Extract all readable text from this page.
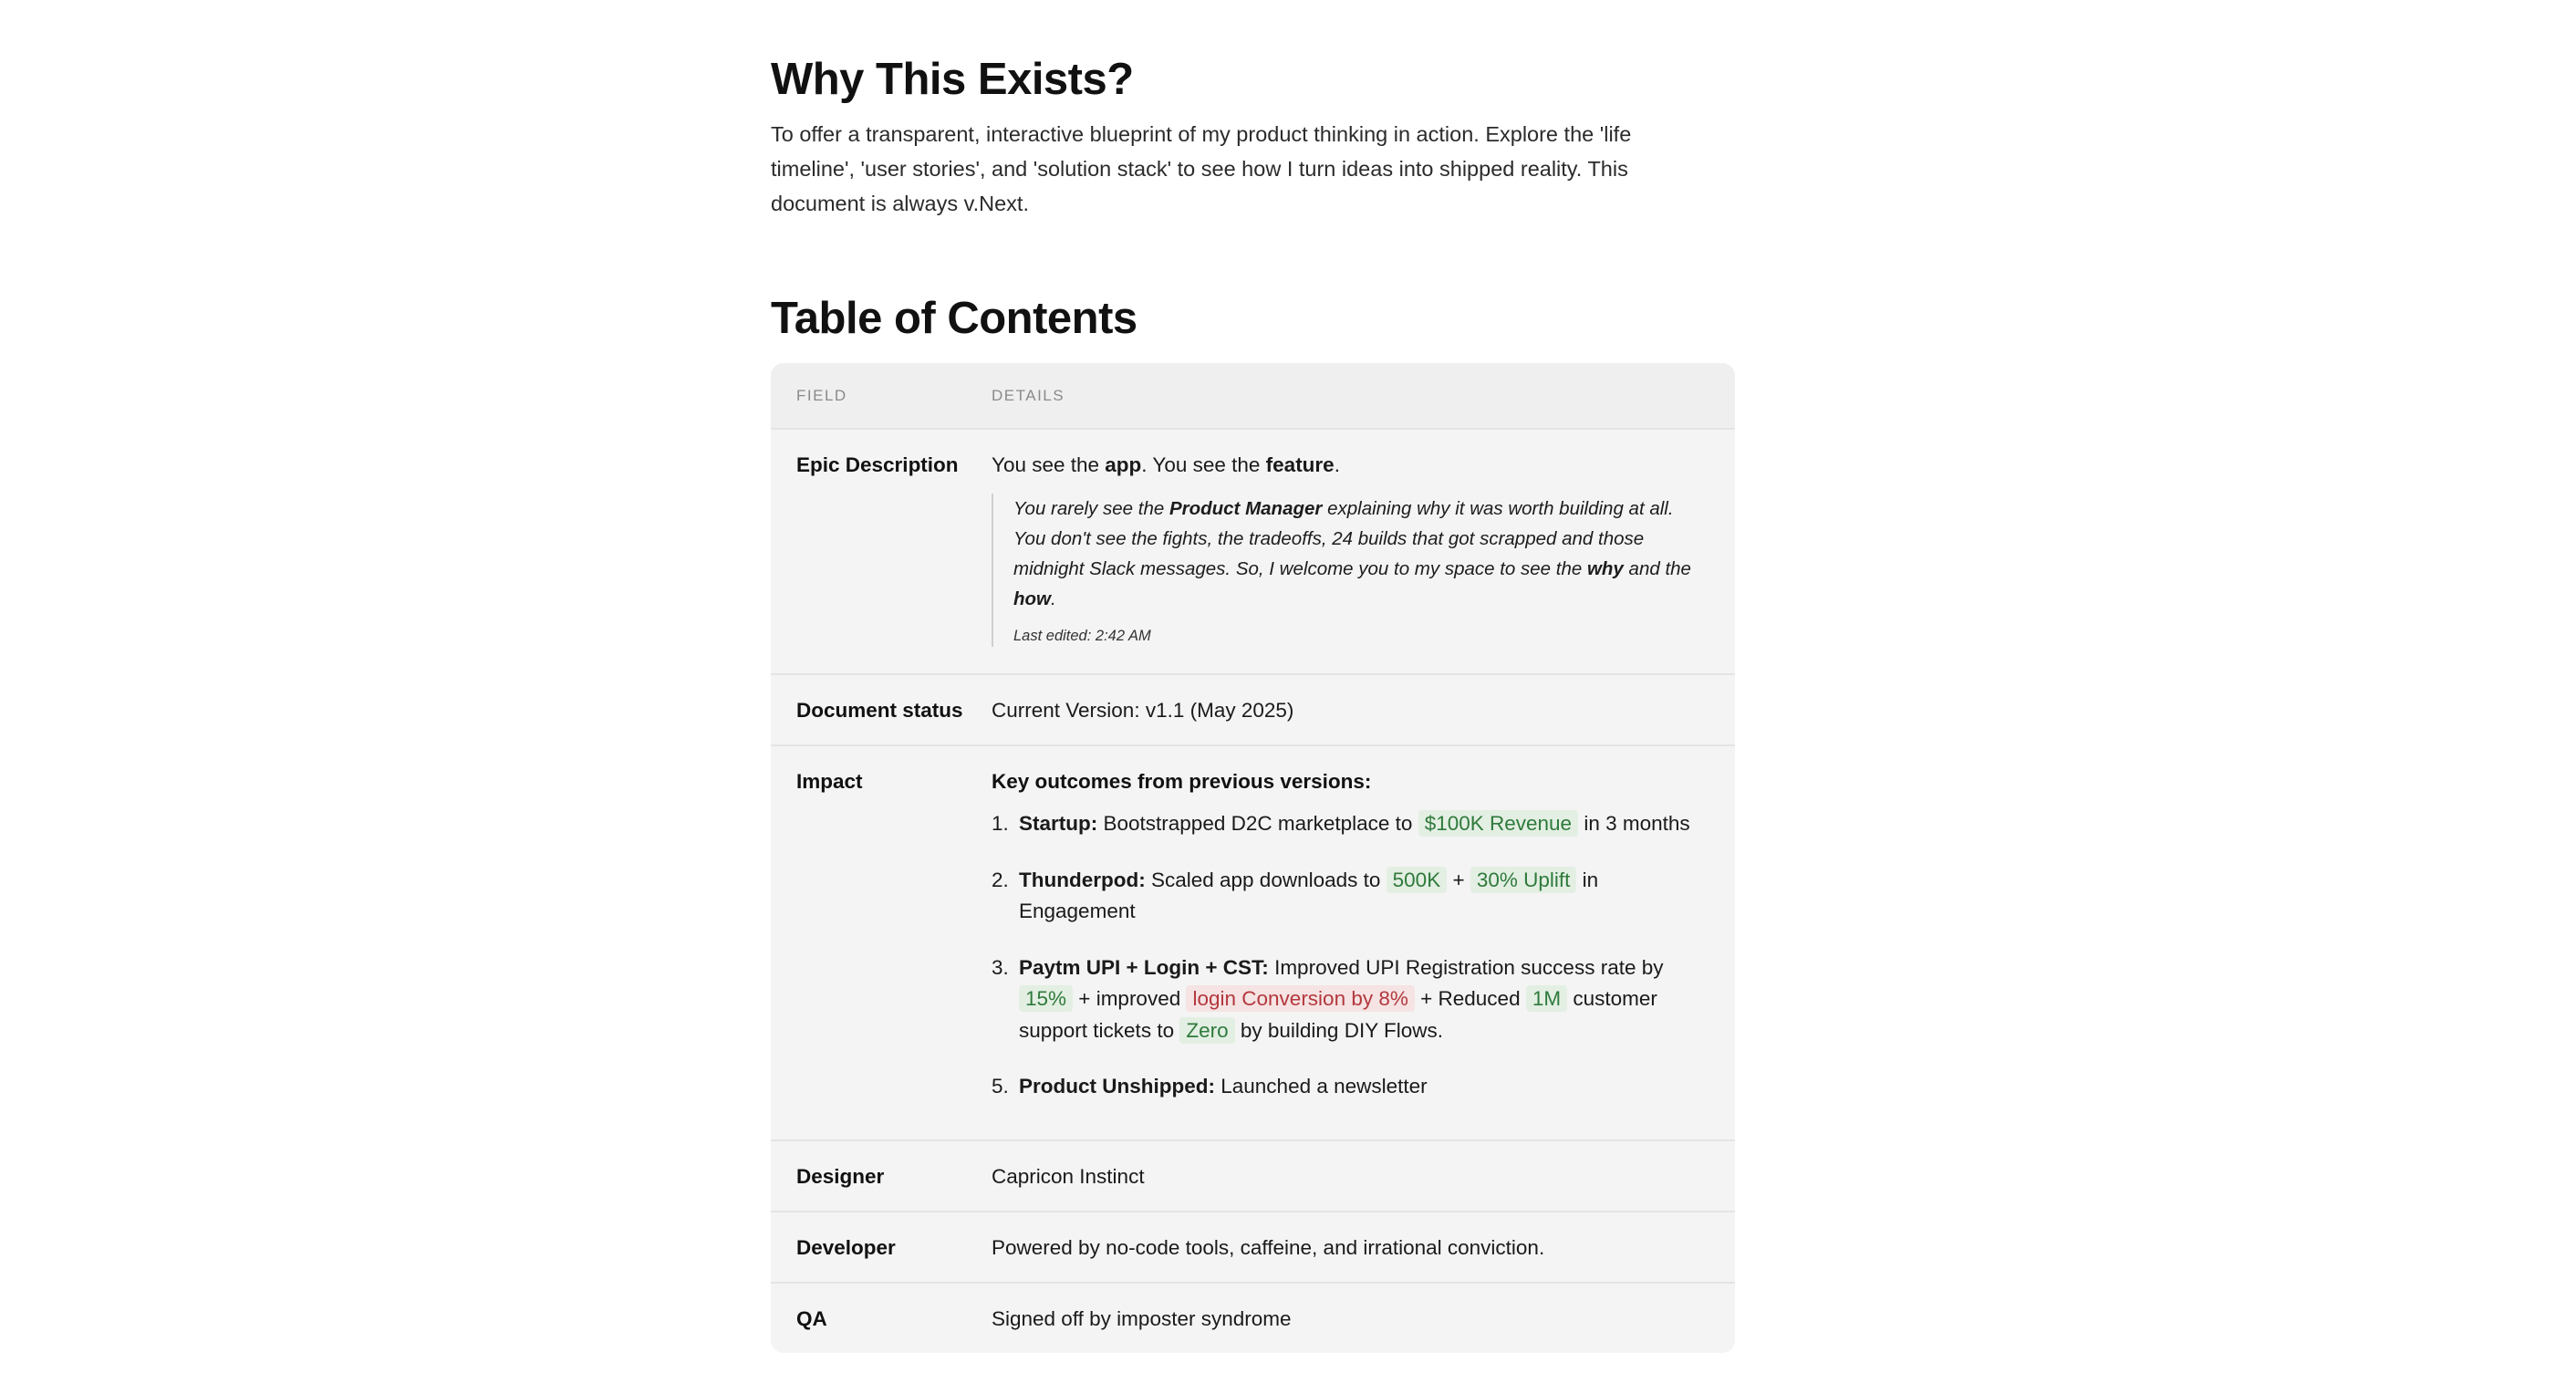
Why This Exists?

To offer a transparent, interactive blueprint of my product thinking in action. Explore the 'life timeline', 'user stories', and 'solution stack' to see how I turn ideas into shipped reality. This document is always v.Next.

Table of Contents
FIELD	DETAILS
Epic Description	You see the app. You see the feature.
You rarely see the Product Manager explaining why it was worth building at all. You don't see the fights, the tradeoffs, 24 builds that got scrapped and those midnight Slack messages. So, I welcome you to my space to see the why and the how.
Last edited: 2:42 AM
Document status	Current Version: v1.1 (May 2025)
Impact	Key outcomes from previous versions:
1. Startup: Bootstrapped D2C marketplace to $100K Revenue in 3 months
2. Thunderpod: Scaled app downloads to 500K + 30% Uplift in Engagement
3. Paytm UPI + Login + CST: Improved UPI Registration success rate by 15% + improved login Conversion by 8% + Reduced 1M customer support tickets to Zero by building DIY Flows.
5. Product Unshipped: Launched a newsletter
Designer	Capricon Instinct
Developer	Powered by no-code tools, caffeine, and irrational conviction.
QA	Signed off by imposter syndrome
